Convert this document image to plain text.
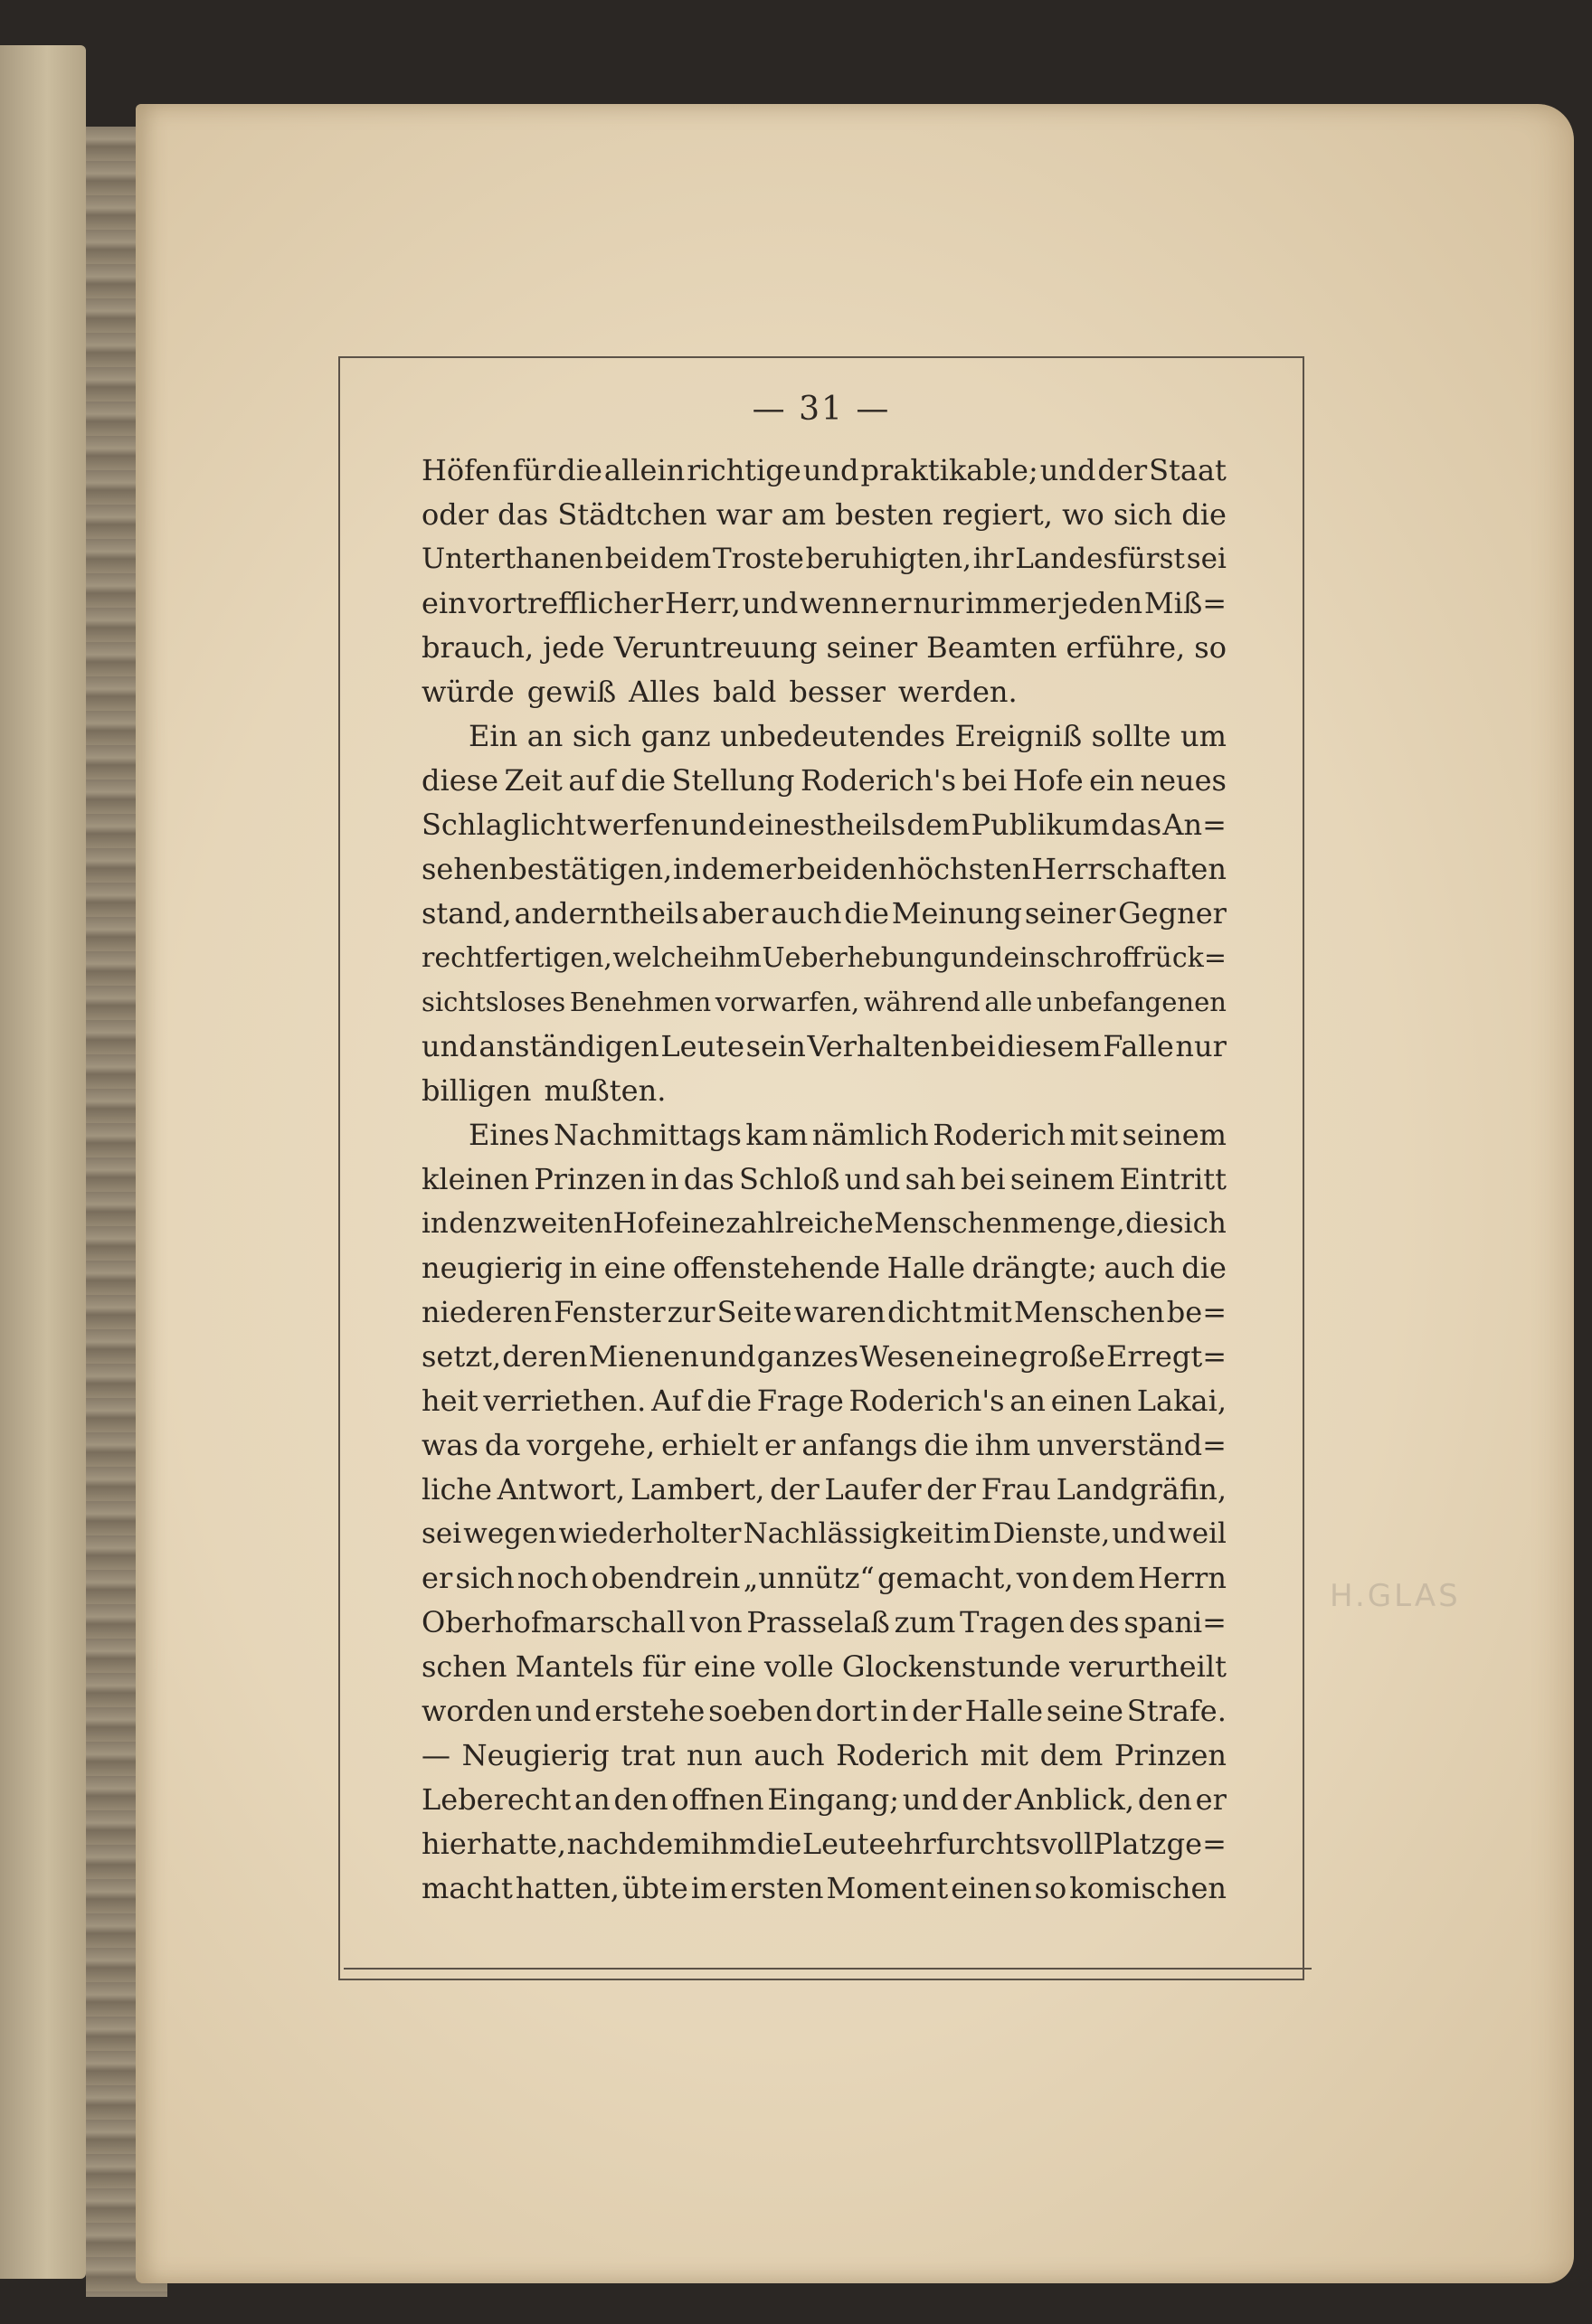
— 31 —
Höfen für die allein richtige und praktikable; und der Staat
oder das Städtchen war am besten regiert, wo sich die
Unterthanen bei dem Troste beruhigten, ihr Landesfürst sei
ein vortrefflicher Herr, und wenn er nur immer jeden Miß=
brauch, jede Veruntreuung seiner Beamten erführe, so
würde gewiß Alles bald besser werden.
Ein an sich ganz unbedeutendes Ereigniß sollte um
diese Zeit auf die Stellung Roderich's bei Hofe ein neues
Schlaglicht werfen und einestheils dem Publikum das An=
sehen bestätigen, in dem er bei den höchsten Herrschaften
stand, anderntheils aber auch die Meinung seiner Gegner
rechtfertigen, welche ihm Ueberhebung und ein schroff rück=
sichtsloses Benehmen vorwarfen, während alle unbefangenen
und anständigen Leute sein Verhalten bei diesem Falle nur
billigen mußten.
Eines Nachmittags kam nämlich Roderich mit seinem
kleinen Prinzen in das Schloß und sah bei seinem Eintritt
in den zweiten Hof eine zahlreiche Menschenmenge, die sich
neugierig in eine offenstehende Halle drängte; auch die
niederen Fenster zur Seite waren dicht mit Menschen be=
setzt, deren Mienen und ganzes Wesen eine große Erregt=
heit verriethen. Auf die Frage Roderich's an einen Lakai,
was da vorgehe, erhielt er anfangs die ihm unverständ=
liche Antwort, Lambert, der Laufer der Frau Landgräfin,
sei wegen wiederholter Nachlässigkeit im Dienste, und weil
er sich noch obendrein „unnütz“ gemacht, von dem Herrn
Oberhofmarschall von Prasselaß zum Tragen des spani=
schen Mantels für eine volle Glockenstunde verurtheilt
worden und erstehe soeben dort in der Halle seine Strafe.
— Neugierig trat nun auch Roderich mit dem Prinzen
Leberecht an den offnen Eingang; und der Anblick, den er
hier hatte, nachdem ihm die Leute ehrfurchtsvoll Platz ge=
macht hatten, übte im ersten Moment einen so komischen
H.GLAS
